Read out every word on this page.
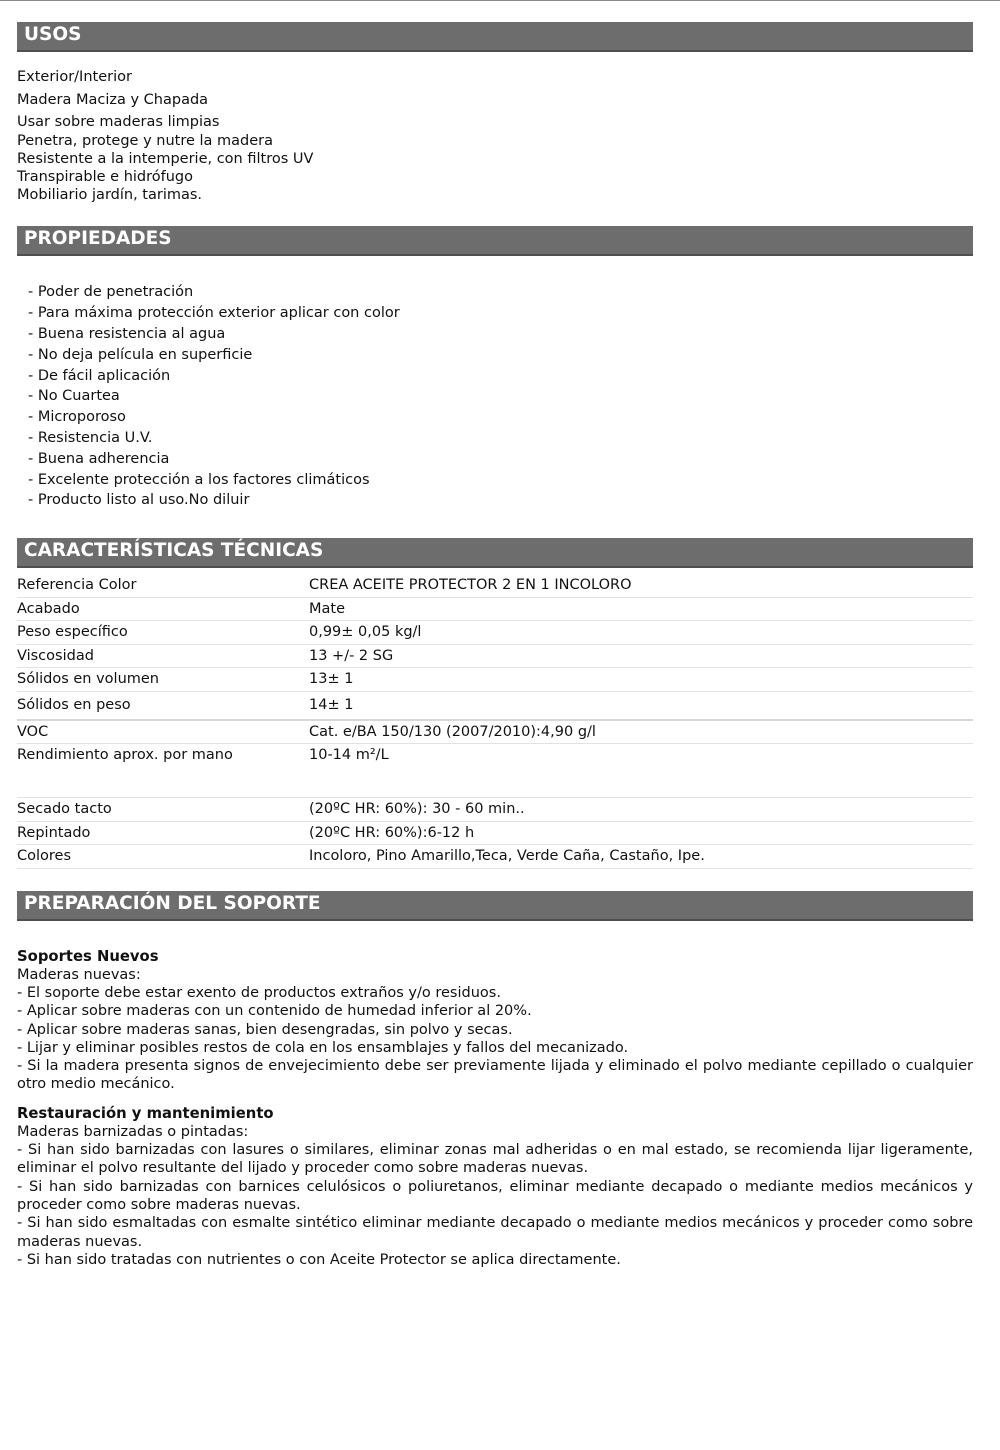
USOS
Exterior/Interior
Madera Maciza y Chapada
Usar sobre maderas limpias
Penetra, protege y nutre la madera
Resistente a la intemperie, con filtros UV
Transpirable e hidrófugo
Mobiliario jardín, tarimas.
PROPIEDADES
- Poder de penetración
- Para máxima protección exterior aplicar con color
- Buena resistencia al agua
- No deja película en superficie
- De fácil aplicación
- No Cuartea
- Microporoso
- Resistencia U.V.
- Buena adherencia
- Excelente protección a los factores climáticos
- Producto listo al uso.No diluir
CARACTERÍSTICAS TÉCNICAS
Referencia Color	CREA ACEITE PROTECTOR 2 EN 1 INCOLORO
Acabado	Mate
Peso específico	0,99± 0,05 kg/l
Viscosidad	13 +/- 2 SG
Sólidos en volumen	13± 1
Sólidos en peso	14± 1
VOC	Cat. e/BA 150/130 (2007/2010):4,90 g/l
Rendimiento aprox. por mano	10-14 m²/L
Secado tacto	(20ºC HR: 60%): 30 - 60 min..
Repintado	(20ºC HR: 60%):6-12 h
Colores	Incoloro, Pino Amarillo,Teca, Verde Caña, Castaño, Ipe.
PREPARACIÓN DEL SOPORTE
Soportes Nuevos
Maderas nuevas:
- El soporte debe estar exento de productos extraños y/o residuos.
- Aplicar sobre maderas con un contenido de humedad inferior al 20%.
- Aplicar sobre maderas sanas, bien desengradas, sin polvo y secas.
- Lijar y eliminar posibles restos de cola en los ensamblajes y fallos del mecanizado.
- Si la madera presenta signos de envejecimiento debe ser previamente lijada y eliminado el polvo mediante cepillado o cualquier otro medio mecánico.
Restauración y mantenimiento
Maderas barnizadas o pintadas:
- Si han sido barnizadas con lasures o similares, eliminar zonas mal adheridas o en mal estado, se recomienda lijar ligeramente, eliminar el polvo resultante del lijado y proceder como sobre maderas nuevas.
- Si han sido barnizadas con barnices celulósicos o poliuretanos, eliminar mediante decapado o mediante medios mecánicos y proceder como sobre maderas nuevas.
- Si han sido esmaltadas con esmalte sintético eliminar mediante decapado o mediante medios mecánicos y proceder como sobre maderas nuevas.
- Si han sido tratadas con nutrientes o con Aceite Protector se aplica directamente.
